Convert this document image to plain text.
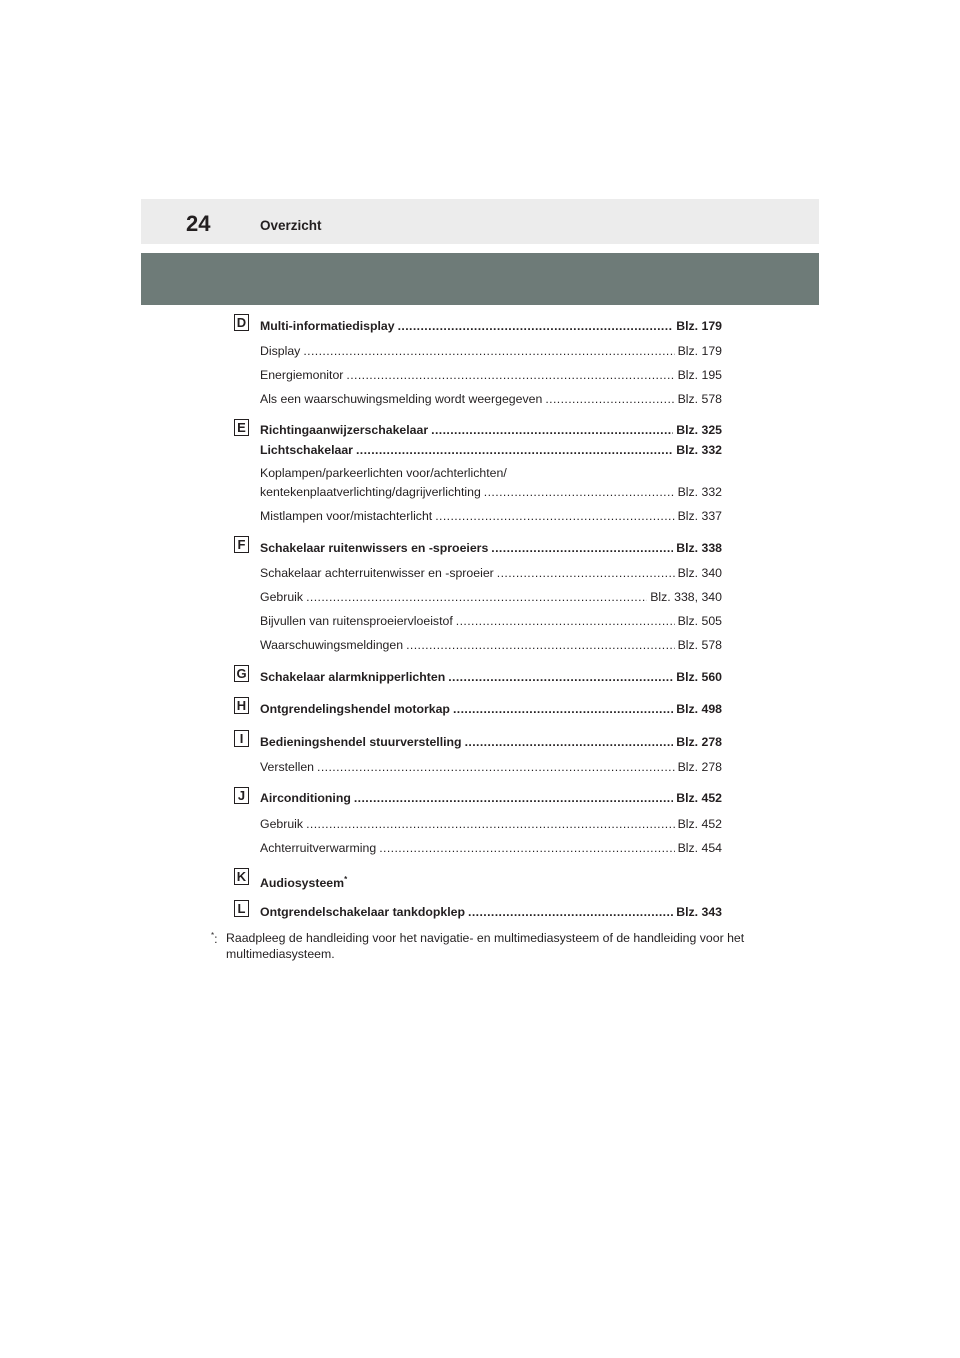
24	Overzicht
D Multi-informatiedisplay .....	Blz. 179
Display .....	Blz. 179
Energiemonitor .....	Blz. 195
Als een waarschuwingsmelding wordt weergegeven .....	Blz. 578
E Richtingaanwijzerschakelaar .....	Blz. 325
Lichtschakelaar .....	Blz. 332
Koplampen/parkeerlichten voor/achterlichten/
kentekenplaatverlichting/dagrijverlichting .....	Blz. 332
Mistlampen voor/mistachterlicht .....	Blz. 337
F Schakelaar ruitenwissers en -sproeiers .....	Blz. 338
Schakelaar achterruitenwisser en -sproeier .....	Blz. 340
Gebruik .....	Blz. 338, 340
Bijvullen van ruitensproeiervloeistof .....	Blz. 505
Waarschuwingsmeldingen .....	Blz. 578
G Schakelaar alarmknipperlichten .....	Blz. 560
H Ontgrendelingshendel motorkap .....	Blz. 498
I	Bedieningshendel stuurverstelling .....	Blz. 278
Verstellen .....	Blz. 278
J	Airconditioning .....	Blz. 452
Gebruik .....	Blz. 452
Achterruitverwarming .....	Blz. 454
K Audiosysteem*
L Ontgrendelschakelaar tankdopklep .....	Blz. 343
*: Raadpleeg de handleiding voor het navigatie- en multimediasysteem of de handleiding voor het multimediasysteem.
